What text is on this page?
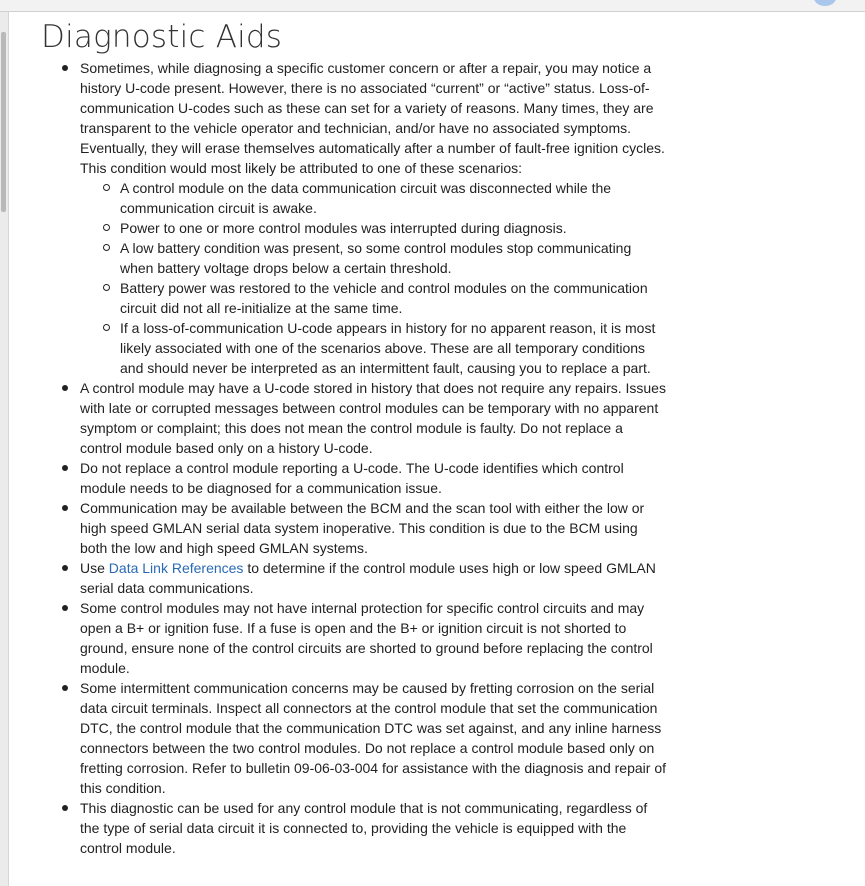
Diagnostic Aids
Sometimes, while diagnosing a specific customer concern or after a repair, you may notice a history U-code present. However, there is no associated “current” or “active” status. Loss-of- communication U-codes such as these can set for a variety of reasons. Many times, they are transparent to the vehicle operator and technician, and/or have no associated symptoms. Eventually, they will erase themselves automatically after a number of fault-free ignition cycles. This condition would most likely be attributed to one of these scenarios:
A control module on the data communication circuit was disconnected while the communication circuit is awake.
Power to one or more control modules was interrupted during diagnosis.
A low battery condition was present, so some control modules stop communicating when battery voltage drops below a certain threshold.
Battery power was restored to the vehicle and control modules on the communication circuit did not all re-initialize at the same time.
If a loss-of-communication U-code appears in history for no apparent reason, it is most likely associated with one of the scenarios above. These are all temporary conditions and should never be interpreted as an intermittent fault, causing you to replace a part.
A control module may have a U-code stored in history that does not require any repairs. Issues with late or corrupted messages between control modules can be temporary with no apparent symptom or complaint; this does not mean the control module is faulty. Do not replace a control module based only on a history U-code.
Do not replace a control module reporting a U-code. The U-code identifies which control module needs to be diagnosed for a communication issue.
Communication may be available between the BCM and the scan tool with either the low or high speed GMLAN serial data system inoperative. This condition is due to the BCM using both the low and high speed GMLAN systems.
Use Data Link References to determine if the control module uses high or low speed GMLAN serial data communications.
Some control modules may not have internal protection for specific control circuits and may open a B+ or ignition fuse. If a fuse is open and the B+ or ignition circuit is not shorted to ground, ensure none of the control circuits are shorted to ground before replacing the control module.
Some intermittent communication concerns may be caused by fretting corrosion on the serial data circuit terminals. Inspect all connectors at the control module that set the communication DTC, the control module that the communication DTC was set against, and any inline harness connectors between the two control modules. Do not replace a control module based only on fretting corrosion. Refer to bulletin 09-06-03-004 for assistance with the diagnosis and repair of this condition.
This diagnostic can be used for any control module that is not communicating, regardless of the type of serial data circuit it is connected to, providing the vehicle is equipped with the control module.
